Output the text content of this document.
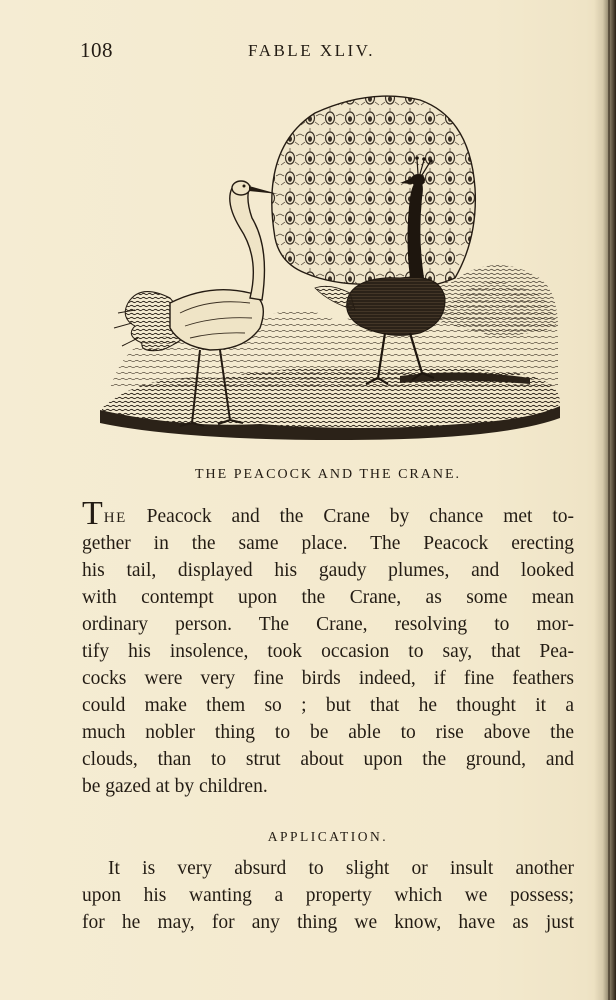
108	FABLE XLIV.
THE PEACOCK AND THE CRANE.
THE Peacock and the Crane by chance met to-
gether in the same place. The Peacock erecting
his tail, displayed his gaudy plumes, and looked
with contempt upon the Crane, as some mean
ordinary person. The Crane, resolving to mor-
tify his insolence, took occasion to say, that Pea-
cocks were very fine birds indeed, if fine feathers
could make them so ; but that he thought it a
much nobler thing to be able to rise above the
clouds, than to strut about upon the ground, and
be gazed at by children.
APPLICATION.
It is very absurd to slight or insult another
upon his wanting a property which we possess;
for he may, for any thing we know, have as just
